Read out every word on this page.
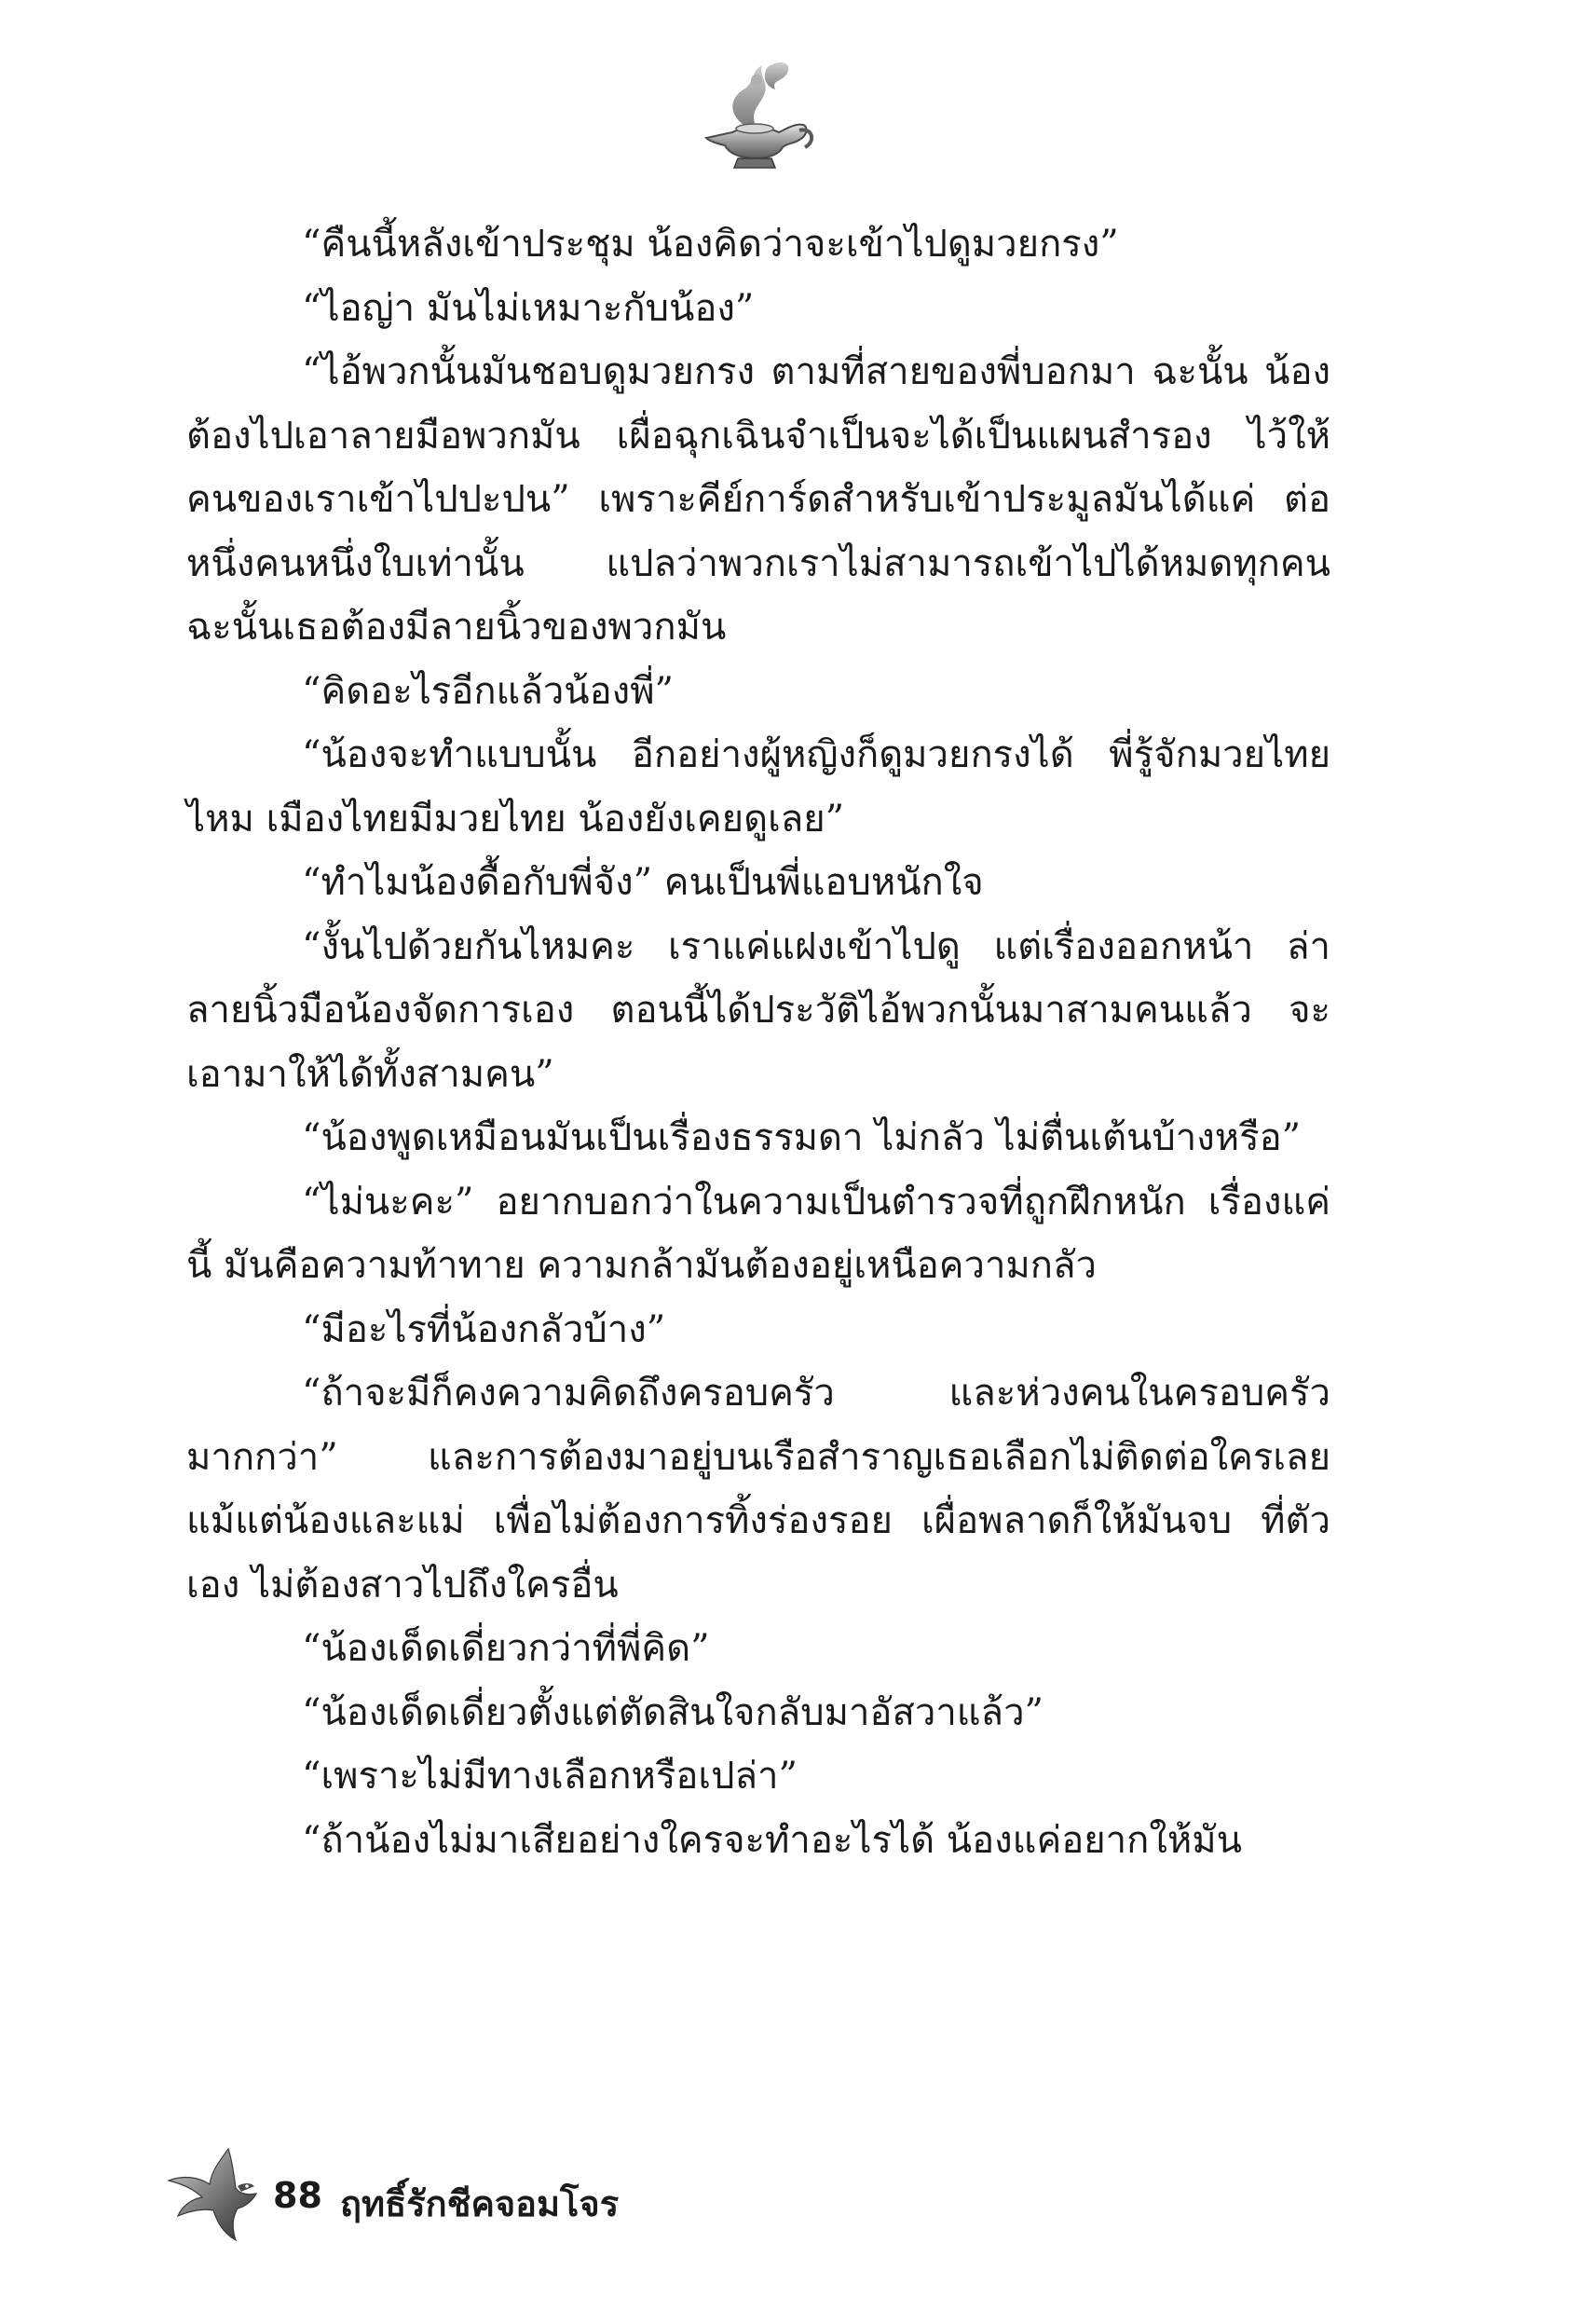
“คืนนี้หลังเข้าประชุม น้องคิดว่าจะเข้าไปดูมวยกรง”

“ไอญ่า มันไม่เหมาะกับน้อง”

“ไอ้พวกนั้นมันชอบดูมวยกรง ตามที่สายของพี่บอกมา ฉะนั้น น้องต้องไปเอาลายมือพวกมัน เผื่อฉุกเฉินจำเป็นจะได้เป็นแผนสำรอง ไว้ให้คนของเราเข้าไปปะปน” เพราะคีย์การ์ดสำหรับเข้าประมูลมันได้แค่ ต่อหนึ่งคนหนึ่งใบเท่านั้น แปลว่าพวกเราไม่สามารถเข้าไปได้หมดทุกคน ฉะนั้นเธอต้องมีลายนิ้วของพวกมัน

“คิดอะไรอีกแล้วน้องพี่”

“น้องจะทำแบบนั้น อีกอย่างผู้หญิงก็ดูมวยกรงได้ พี่รู้จักมวยไทย ไหม เมืองไทยมีมวยไทย น้องยังเคยดูเลย”

“ทำไมน้องดื้อกับพี่จัง” คนเป็นพี่แอบหนักใจ

“งั้นไปด้วยกันไหมคะ เราแค่แฝงเข้าไปดู แต่เรื่องออกหน้า ล่าลายนิ้วมือน้องจัดการเอง ตอนนี้ได้ประวัติไอ้พวกนั้นมาสามคนแล้ว จะเอามาให้ได้ทั้งสามคน”

“น้องพูดเหมือนมันเป็นเรื่องธรรมดา ไม่กลัว ไม่ตื่นเต้นบ้างหรือ”

“ไม่นะคะ” อยากบอกว่าในความเป็นตำรวจที่ถูกฝึกหนัก เรื่องแค่นี้ มันคือความท้าทาย ความกล้ามันต้องอยู่เหนือความกลัว

“มีอะไรที่น้องกลัวบ้าง”

“ถ้าจะมีก็คงความคิดถึงครอบครัว และห่วงคนในครอบครัว มากกว่า” และการต้องมาอยู่บนเรือสำราญเธอเลือกไม่ติดต่อใครเลย แม้แต่น้องและแม่ เพื่อไม่ต้องการทิ้งร่องรอย เผื่อพลาดก็ให้มันจบ ที่ตัวเอง ไม่ต้องสาวไปถึงใครอื่น

“น้องเด็ดเดี่ยวกว่าที่พี่คิด”

“น้องเด็ดเดี่ยวตั้งแต่ตัดสินใจกลับมาอัสวาแล้ว”

“เพราะไม่มีทางเลือกหรือเปล่า”

“ถ้าน้องไม่มาเสียอย่างใครจะทำอะไรได้ น้องแค่อยากให้มัน

88 ฤทธิ์รักชีคจอมโจร
